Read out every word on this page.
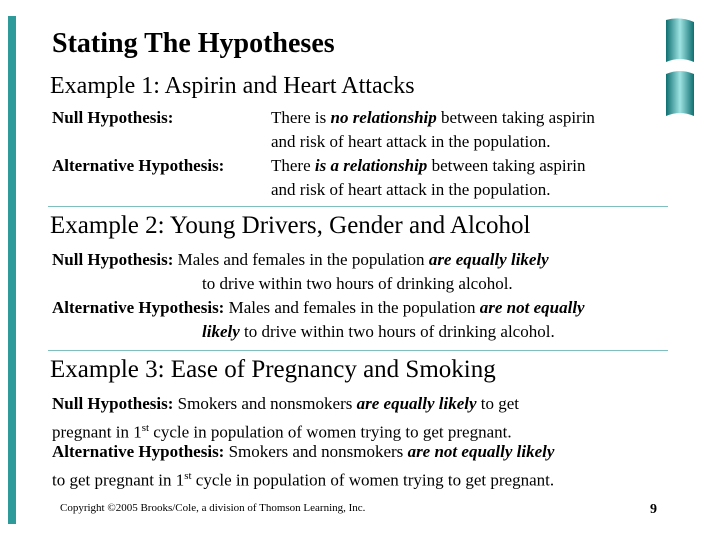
Stating The Hypotheses
Example 1: Aspirin and Heart Attacks
Null Hypothesis:	There is no relationship between taking aspirin
and risk of heart attack in the population.
Alternative Hypothesis:	There is a relationship between taking aspirin
and risk of heart attack in the population.
Example 2: Young Drivers, Gender and Alcohol
Null Hypothesis: Males and females in the population are equally likely
to drive within two hours of drinking alcohol.
Alternative Hypothesis: Males and females in the population are not equally
likely to drive within two hours of drinking alcohol.
Example 3: Ease of Pregnancy and Smoking
Null Hypothesis: Smokers and nonsmokers are equally likely to get
pregnant in 1st cycle in population of women trying to get pregnant.
Alternative Hypothesis: Smokers and nonsmokers are not equally likely
to get pregnant in 1st cycle in population of women trying to get pregnant.
Copyright ©2005 Brooks/Cole, a division of Thomson Learning, Inc.	9
